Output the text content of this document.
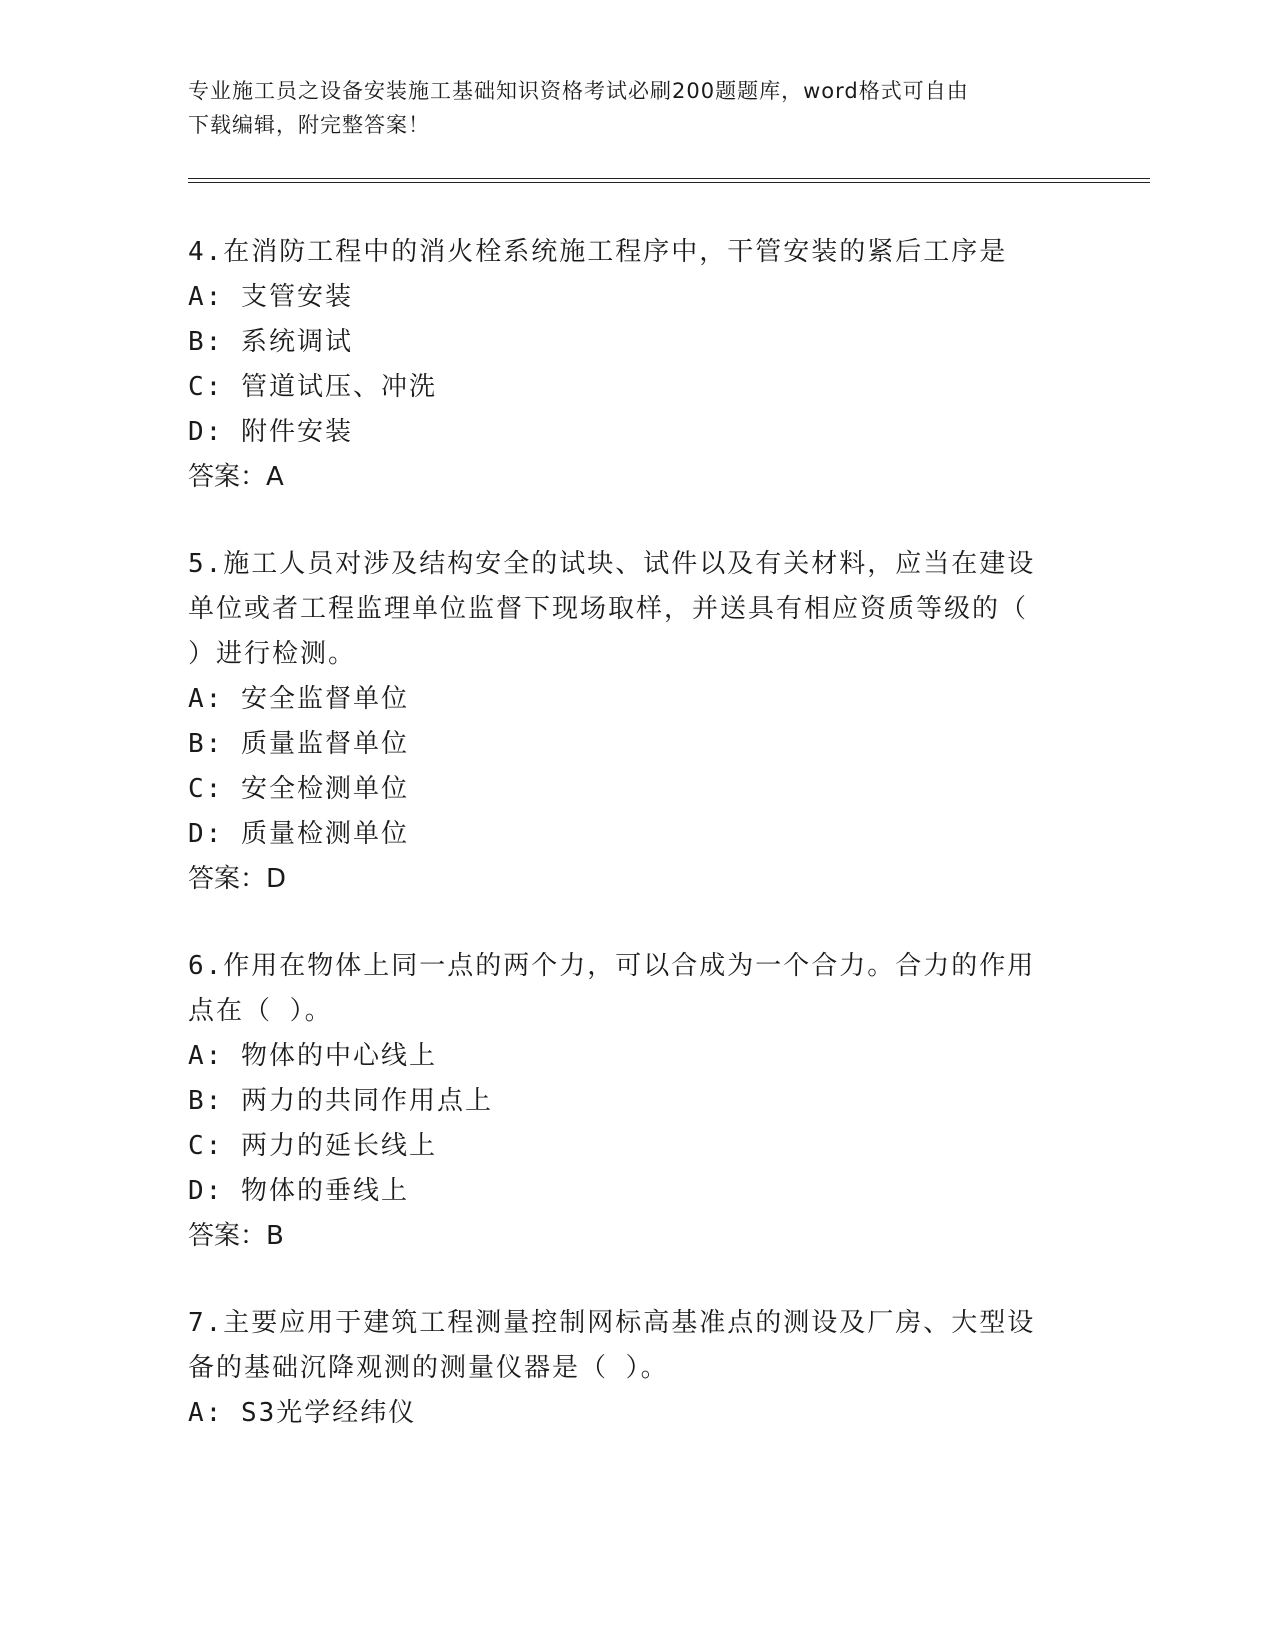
专业施工员之设备安装施工基础知识资格考试必刷200题题库，word格式可自由
下载编辑，附完整答案！

4.在消防工程中的消火栓系统施工程序中，干管安装的紧后工序是

A: 支管安装

B: 系统调试

C: 管道试压、冲洗

D: 附件安装

答案：A

5.施工人员对涉及结构安全的试块、试件以及有关材料，应当在建设

单位或者工程监理单位监督下现场取样，并送具有相应资质等级的（

）进行检测。

A: 安全监督单位

B: 质量监督单位

C: 安全检测单位

D: 质量检测单位

答案：D

6.作用在物体上同一点的两个力，可以合成为一个合力。合力的作用

点在（ ）。

A: 物体的中心线上

B: 两力的共同作用点上

C: 两力的延长线上

D: 物体的垂线上

答案：B

7.主要应用于建筑工程测量控制网标高基准点的测设及厂房、大型设

备的基础沉降观测的测量仪器是（ ）。

A: S3光学经纬仪
